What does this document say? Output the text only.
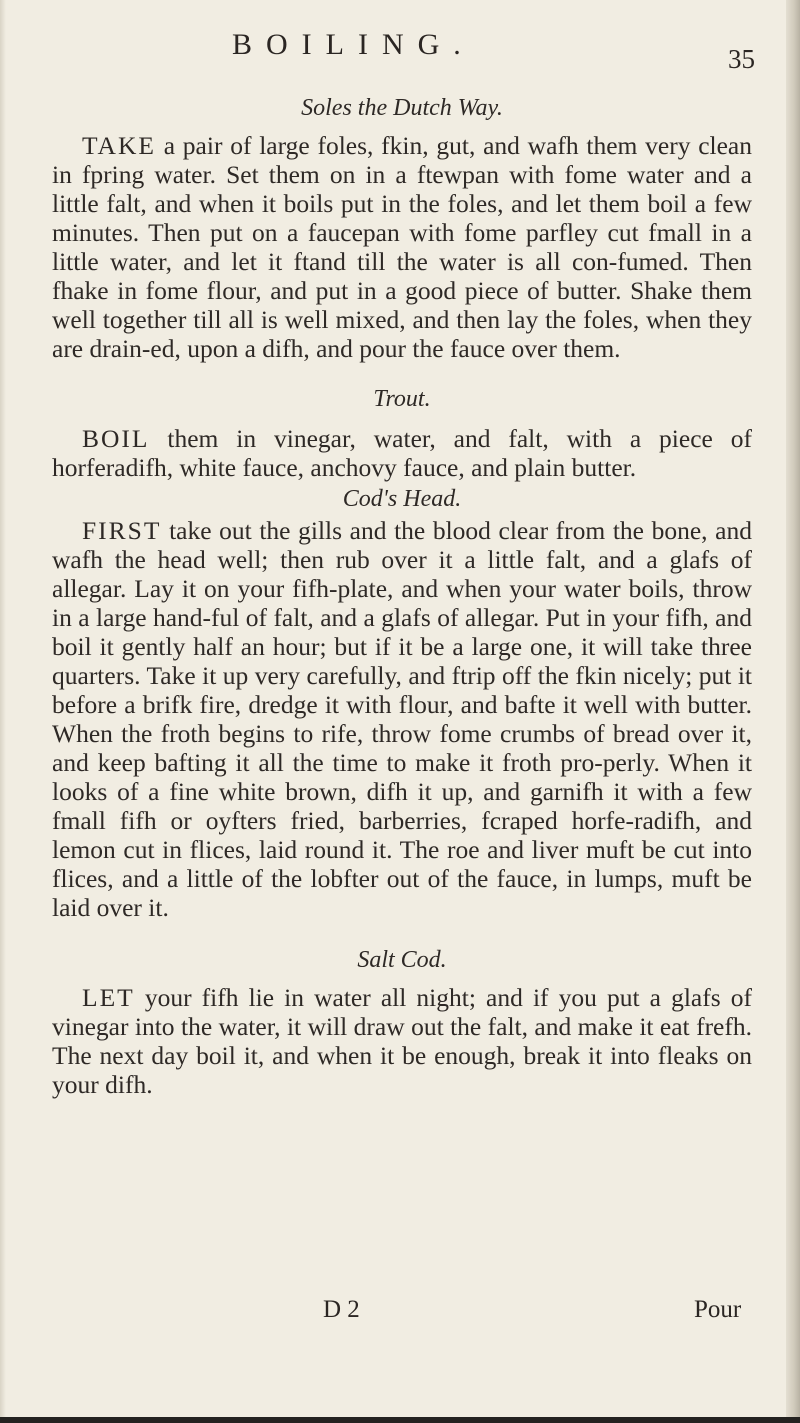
BOILING.	35

Soles the Dutch Way.

TAKE a pair of large foles, fkin, gut, and wafh them very clean in fpring water. Set them on in a ftewpan with fome water and a little falt, and when it boils put in the foles, and let them boil a few minutes. Then put on a faucepan with fome parfley cut fmall in a little water, and let it ftand till the water is all con-fumed. Then fhake in fome flour, and put in a good piece of butter. Shake them well together till all is well mixed, and then lay the foles, when they are drain-ed, upon a difh, and pour the fauce over them.

Trout.

BOIL them in vinegar, water, and falt, with a piece of horferadifh, white fauce, anchovy fauce, and plain butter.

Cod's Head.

FIRST take out the gills and the blood clear from the bone, and wafh the head well; then rub over it a little falt, and a glafs of allegar. Lay it on your fifh-plate, and when your water boils, throw in a large hand-ful of falt, and a glafs of allegar. Put in your fifh, and boil it gently half an hour; but if it be a large one, it will take three quarters. Take it up very carefully, and ftrip off the fkin nicely; put it before a brifk fire, dredge it with flour, and bafte it well with butter. When the froth begins to rife, throw fome crumbs of bread over it, and keep bafting it all the time to make it froth pro-perly. When it looks of a fine white brown, difh it up, and garnifh it with a few fmall fifh or oyfters fried, barberries, fcraped horfe-radifh, and lemon cut in flices, laid round it. The roe and liver muft be cut into flices, and a little of the lobfter out of the fauce, in lumps, muft be laid over it.

Salt Cod.

LET your fifh lie in water all night; and if you put a glafs of vinegar into the water, it will draw out the falt, and make it eat frefh. The next day boil it, and when it be enough, break it into fleaks on your difh.

D 2	Pour
